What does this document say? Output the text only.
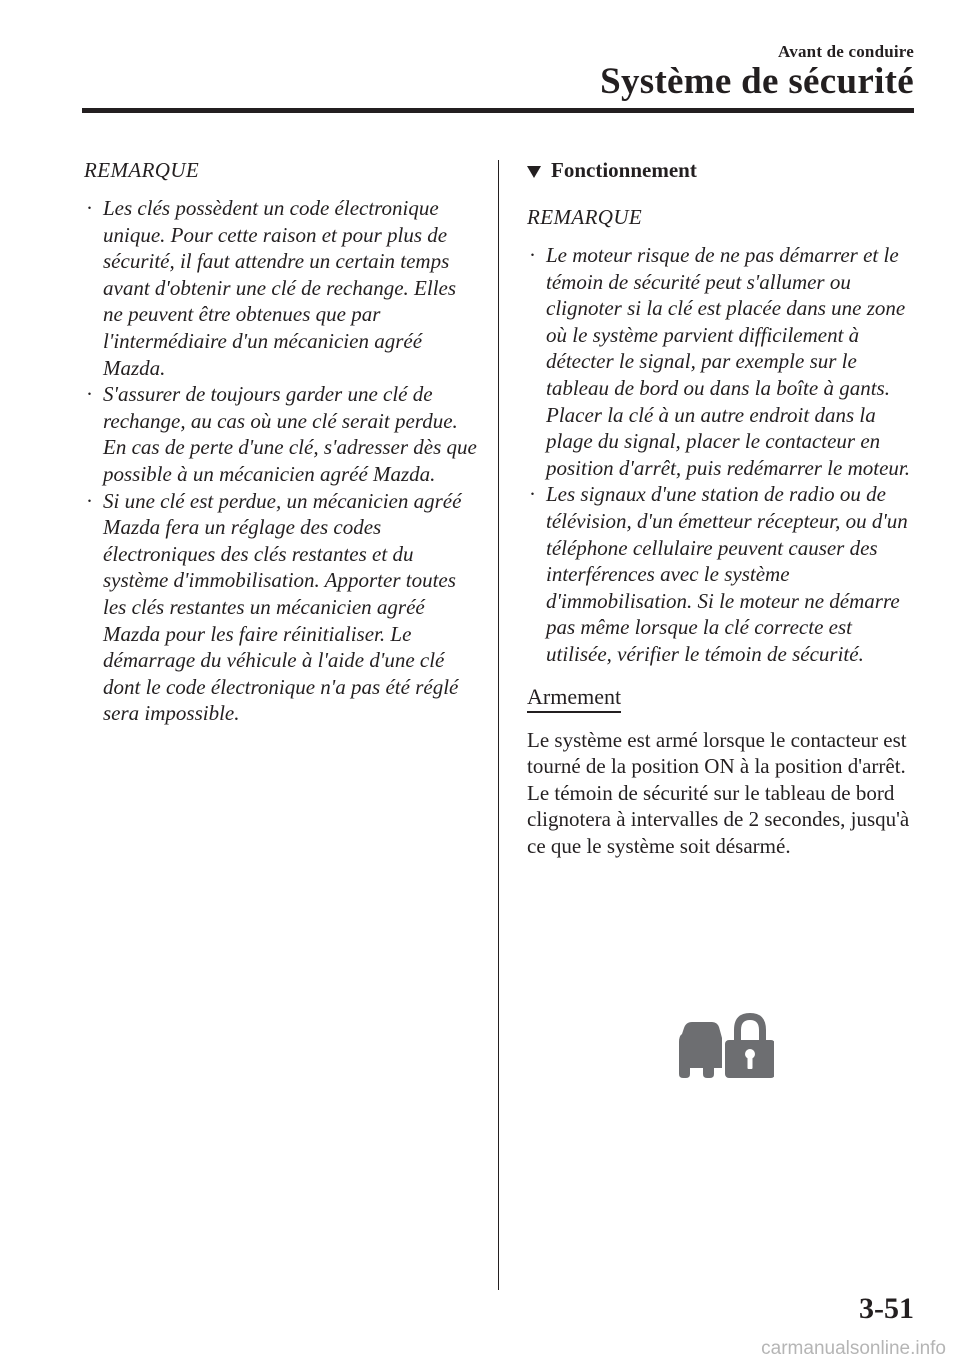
Avant de conduire
Système de sécurité
REMARQUE
· Les clés possèdent un code électronique unique. Pour cette raison et pour plus de sécurité, il faut attendre un certain temps avant d'obtenir une clé de rechange. Elles ne peuvent être obtenues que par l'intermédiaire d'un mécanicien agréé Mazda.
· S'assurer de toujours garder une clé de rechange, au cas où une clé serait perdue. En cas de perte d'une clé, s'adresser dès que possible à un mécanicien agréé Mazda.
· Si une clé est perdue, un mécanicien agréé Mazda fera un réglage des codes électroniques des clés restantes et du système d'immobilisation. Apporter toutes les clés restantes un mécanicien agréé Mazda pour les faire réinitialiser. Le démarrage du véhicule à l'aide d'une clé dont le code électronique n'a pas été réglé sera impossible.
Fonctionnement
REMARQUE
· Le moteur risque de ne pas démarrer et le témoin de sécurité peut s'allumer ou clignoter si la clé est placée dans une zone où le système parvient difficilement à détecter le signal, par exemple sur le tableau de bord ou dans la boîte à gants. Placer la clé à un autre endroit dans la plage du signal, placer le contacteur en position d'arrêt, puis redémarrer le moteur.
· Les signaux d'une station de radio ou de télévision, d'un émetteur récepteur, ou d'un téléphone cellulaire peuvent causer des interférences avec le système d'immobilisation. Si le moteur ne démarre pas même lorsque la clé correcte est utilisée, vérifier le témoin de sécurité.
Armement
Le système est armé lorsque le contacteur est tourné de la position ON à la position d'arrêt.
Le témoin de sécurité sur le tableau de bord clignotera à intervalles de 2 secondes, jusqu'à ce que le système soit désarmé.
3-51
carmanualsonline.info
